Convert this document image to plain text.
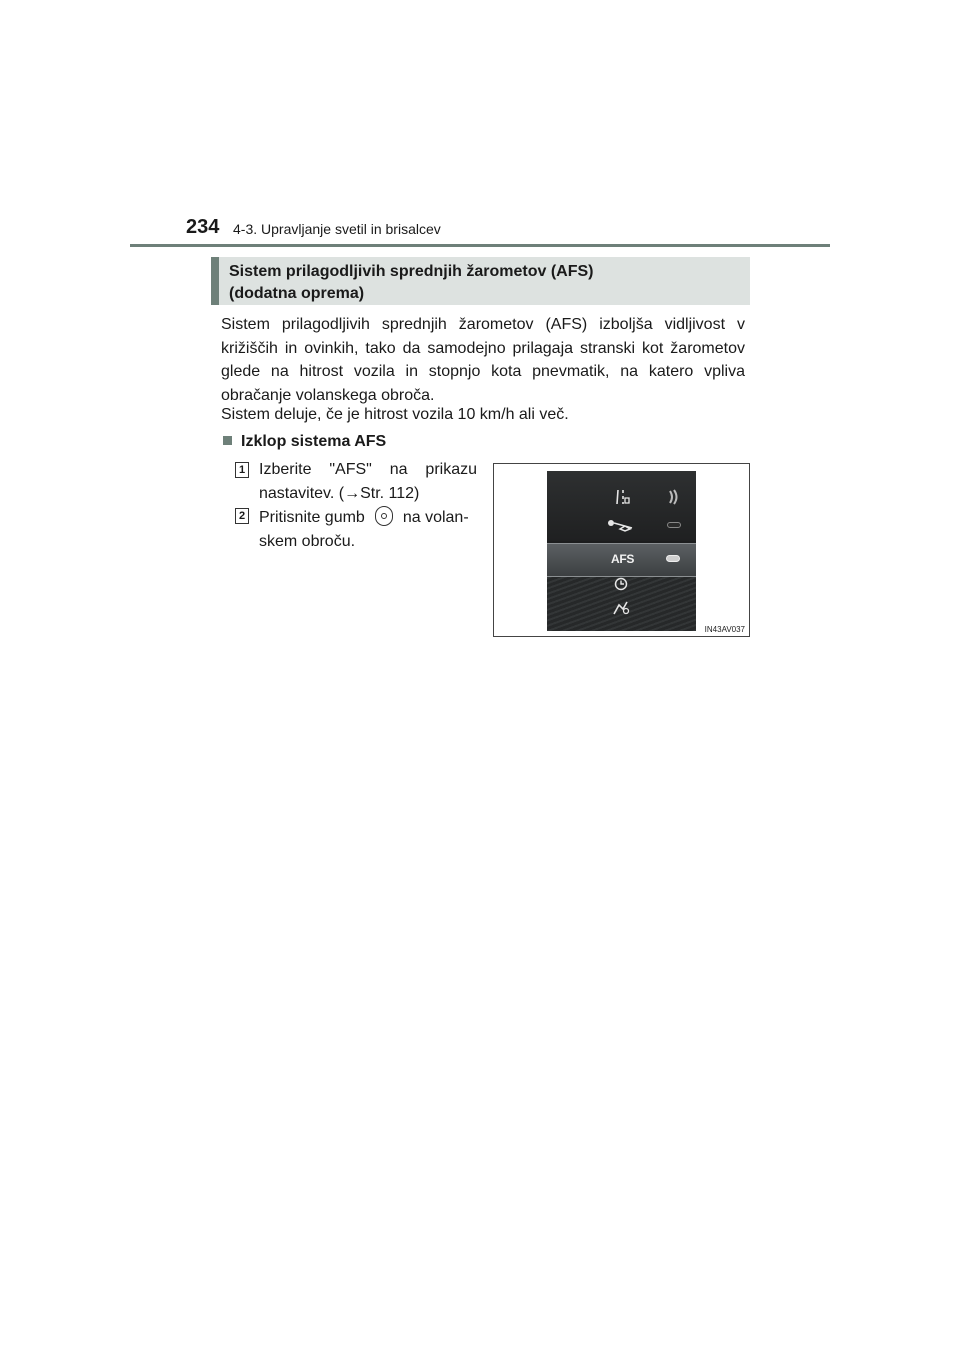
234 4-3. Upravljanje svetil in brisalcev
Sistem prilagodljivih sprednjih žarometov (AFS)
(dodatna oprema)

Sistem prilagodljivih sprednjih žarometov (AFS) izboljša vidljivost v križiščih in ovinkih, tako da samodejno prilagaja stranski kot žarometov glede na hitrost vozila in stopnjo kota pnevmatik, na katero vpliva obračanje volanskega obroča.

Sistem deluje, če je hitrost vozila 10 km/h ali več.

Izklop sistema AFS
1 Izberite "AFS" na prikazu
nastavitev. (→Str. 112)
2 Pritisnite gumb na volan-
skem obroču.
AFS
IN43AV037
